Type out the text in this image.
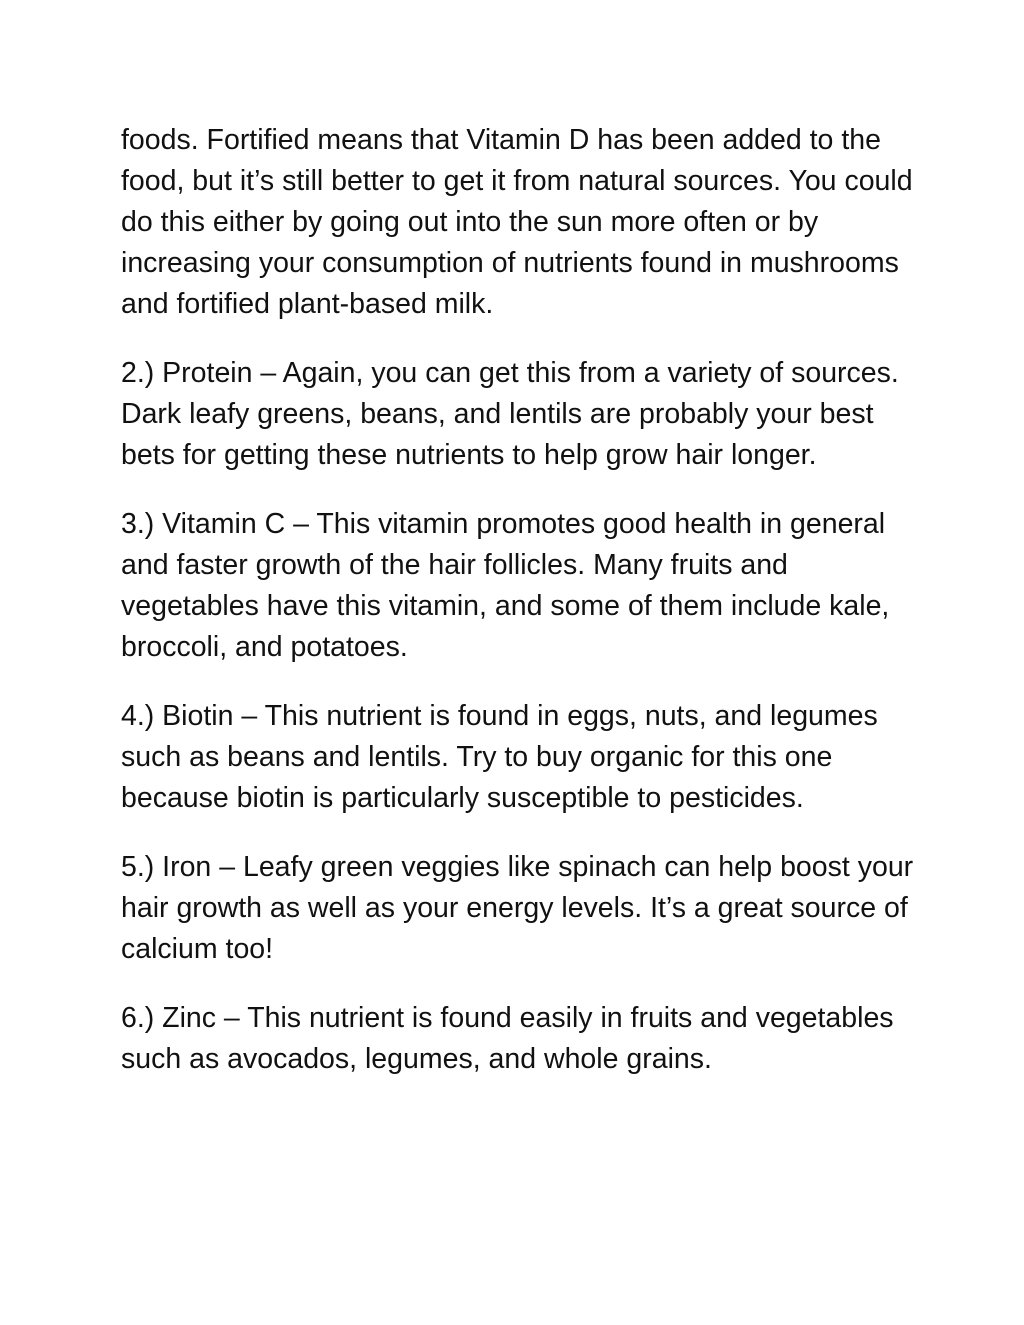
foods. Fortified means that Vitamin D has been added to the food, but it’s still better to get it from natural sources. You could do this either by going out into the sun more often or by increasing your consumption of nutrients found in mushrooms and fortified plant-based milk.

2.) Protein – Again, you can get this from a variety of sources. Dark leafy greens, beans, and lentils are probably your best bets for getting these nutrients to help grow hair longer.

3.) Vitamin C – This vitamin promotes good health in general and faster growth of the hair follicles. Many fruits and vegetables have this vitamin, and some of them include kale, broccoli, and potatoes.

4.) Biotin – This nutrient is found in eggs, nuts, and legumes such as beans and lentils. Try to buy organic for this one because biotin is particularly susceptible to pesticides.

5.) Iron – Leafy green veggies like spinach can help boost your hair growth as well as your energy levels. It’s a great source of calcium too!

6.) Zinc – This nutrient is found easily in fruits and vegetables such as avocados, legumes, and whole grains.
